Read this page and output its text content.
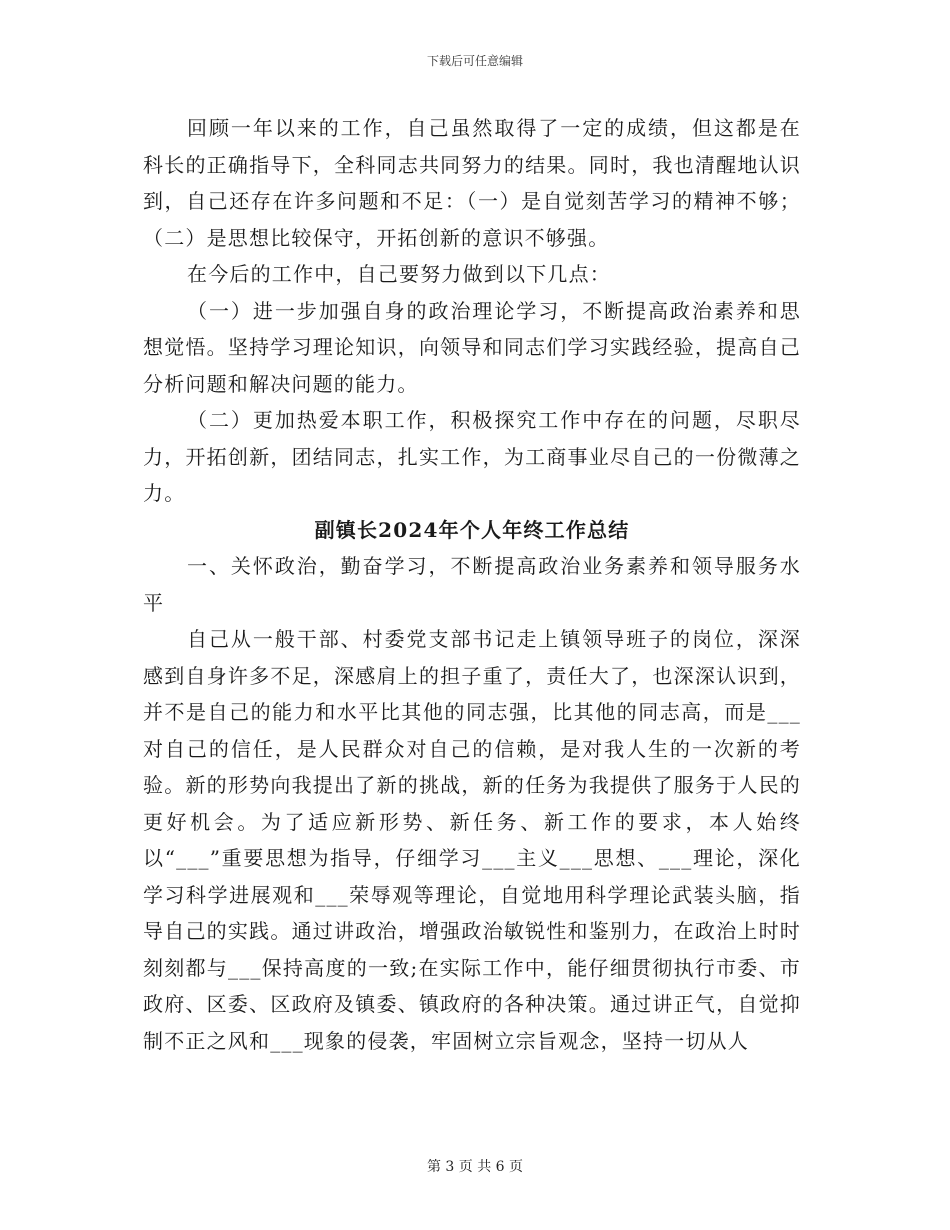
下载后可任意编辑

回顾一年以来的工作，自己虽然取得了一定的成绩，但这都是在科长的正确指导下，全科同志共同努力的结果。同时，我也清醒地认识到，自己还存在许多问题和不足：（一）是自觉刻苦学习的精神不够；（二）是思想比较保守，开拓创新的意识不够强。

在今后的工作中，自己要努力做到以下几点：

（一）进一步加强自身的政治理论学习，不断提高政治素养和思想觉悟。坚持学习理论知识，向领导和同志们学习实践经验，提高自己分析问题和解决问题的能力。

（二）更加热爱本职工作，积极探究工作中存在的问题，尽职尽力，开拓创新，团结同志，扎实工作，为工商事业尽自己的一份微薄之力。

副镇长2024年个人年终工作总结

一、关怀政治，勤奋学习，不断提高政治业务素养和领导服务水平

自己从一般干部、村委党支部书记走上镇领导班子的岗位，深深感到自身许多不足，深感肩上的担子重了，责任大了，也深深认识到，并不是自己的能力和水平比其他的同志强，比其他的同志高，而是___对自己的信任，是人民群众对自己的信赖，是对我人生的一次新的考验。新的形势向我提出了新的挑战，新的任务为我提供了服务于人民的更好机会。为了适应新形势、新任务、新工作的要求，本人始终以“___”重要思想为指导，仔细学习___主义___思想、___理论，深化学习科学进展观和___荣辱观等理论，自觉地用科学理论武装头脑，指导自己的实践。通过讲政治，增强政治敏锐性和鉴别力，在政治上时时刻刻都与___保持高度的一致;在实际工作中，能仔细贯彻执行市委、市政府、区委、区政府及镇委、镇政府的各种决策。通过讲正气，自觉抑制不正之风和___现象的侵袭，牢固树立宗旨观念，坚持一切从人

第 3 页 共 6 页
